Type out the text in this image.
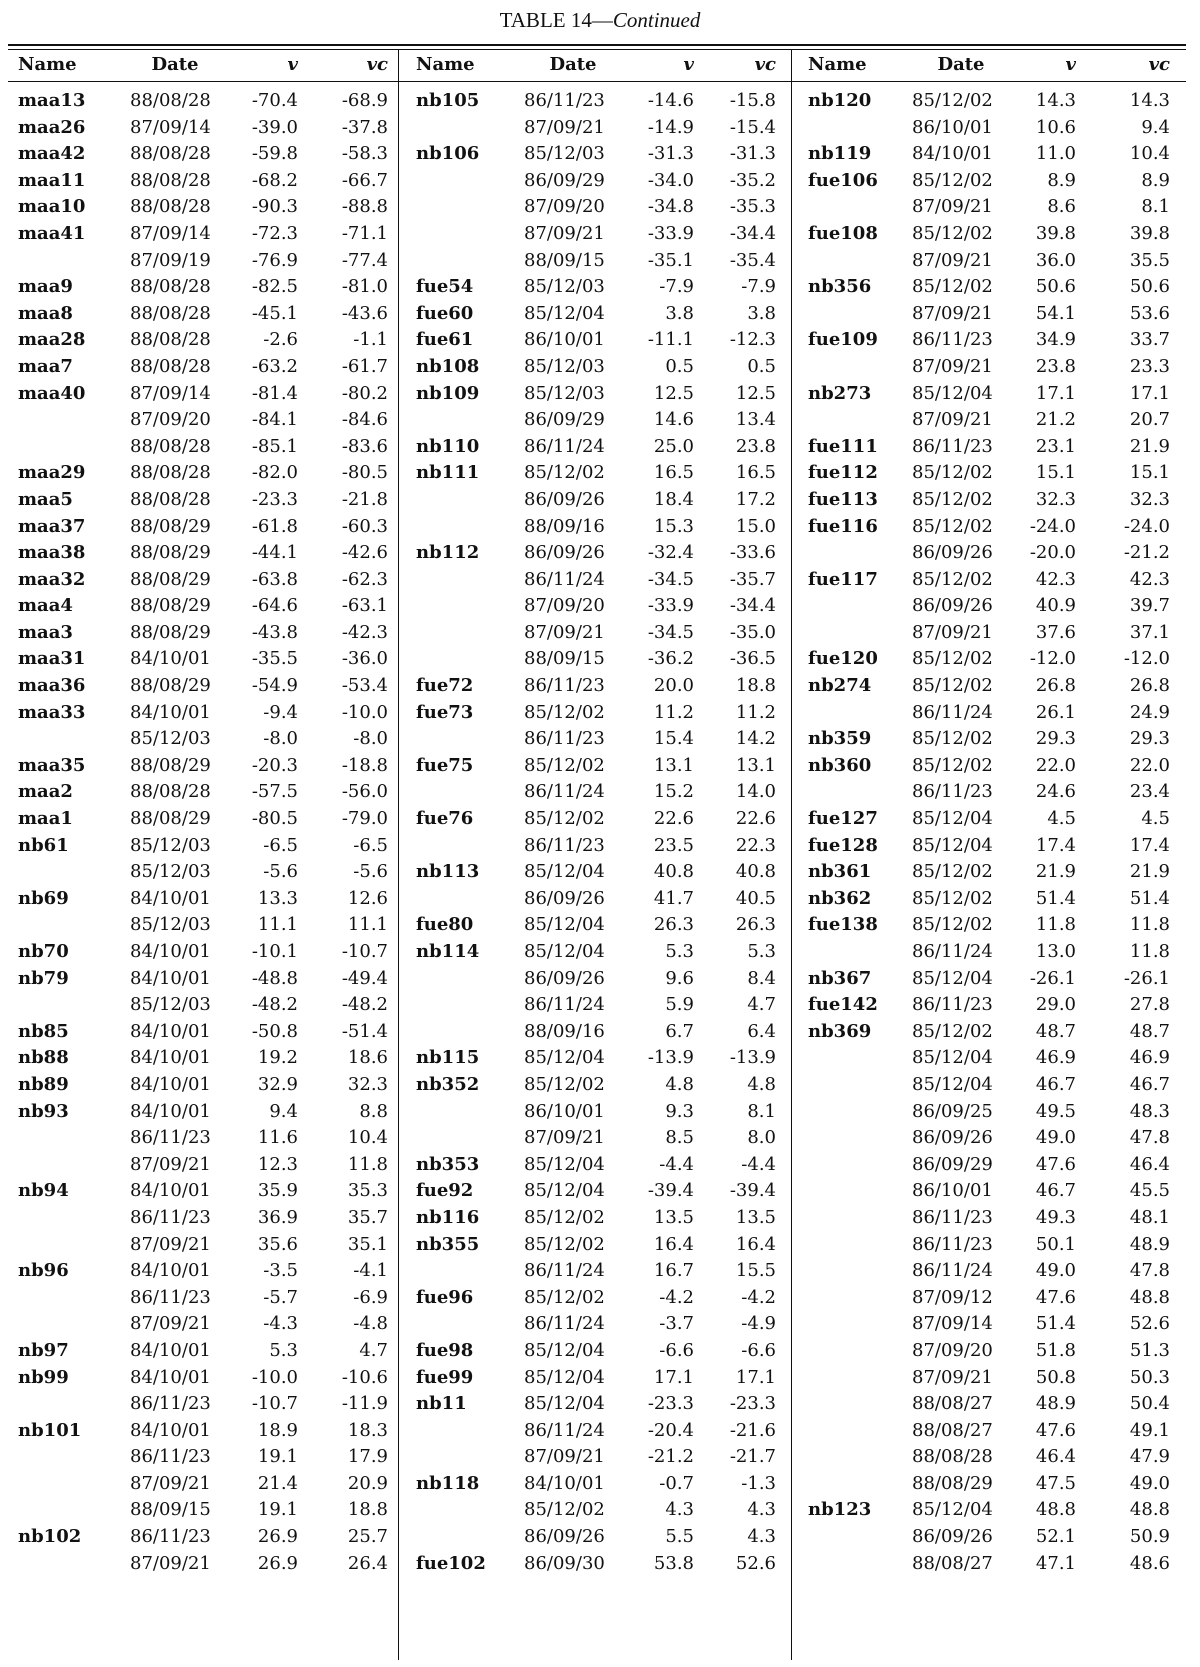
TABLE 14—Continued
Name	Date	v	vc Name	Date	v	vc Name	Date	v	vc
maa13	88/08/28	-70.4	-68.9
maa26	87/09/14	-39.0	-37.8
maa42	88/08/28	-59.8	-58.3
maa11	88/08/28	-68.2	-66.7
maa10	88/08/28	-90.3	-88.8
maa41	87/09/14	-72.3	-71.1
87/09/19	-76.9	-77.4
maa9	88/08/28	-82.5	-81.0
maa8	88/08/28	-45.1	-43.6
maa28	88/08/28	-2.6	-1.1
maa7	88/08/28	-63.2	-61.7
maa40	87/09/14	-81.4	-80.2
87/09/20	-84.1	-84.6
88/08/28	-85.1	-83.6
maa29	88/08/28	-82.0	-80.5
maa5	88/08/28	-23.3	-21.8
maa37	88/08/29	-61.8	-60.3
maa38	88/08/29	-44.1	-42.6
maa32	88/08/29	-63.8	-62.3
maa4	88/08/29	-64.6	-63.1
maa3	88/08/29	-43.8	-42.3
maa31	84/10/01	-35.5	-36.0
maa36	88/08/29	-54.9	-53.4
maa33	84/10/01	-9.4	-10.0
85/12/03	-8.0	-8.0
maa35	88/08/29	-20.3	-18.8
maa2	88/08/28	-57.5	-56.0
maa1	88/08/29	-80.5	-79.0
nb61	85/12/03	-6.5	-6.5
85/12/03	-5.6	-5.6
nb69	84/10/01	13.3	12.6
85/12/03	11.1	11.1
nb70	84/10/01	-10.1	-10.7
nb79	84/10/01	-48.8	-49.4
85/12/03	-48.2	-48.2
nb85	84/10/01	-50.8	-51.4
nb88	84/10/01	19.2	18.6
nb89	84/10/01	32.9	32.3
nb93	84/10/01	9.4	8.8
86/11/23	11.6	10.4
87/09/21	12.3	11.8
nb94	84/10/01	35.9	35.3
86/11/23	36.9	35.7
87/09/21	35.6	35.1
nb96	84/10/01	-3.5	-4.1
86/11/23	-5.7	-6.9
87/09/21	-4.3	-4.8
nb97	84/10/01	5.3	4.7
nb99	84/10/01	-10.0	-10.6
86/11/23	-10.7	-11.9
nb101	84/10/01	18.9	18.3
86/11/23	19.1	17.9
87/09/21	21.4	20.9
88/09/15	19.1	18.8
nb102	86/11/23	26.9	25.7
87/09/21	26.9	26.4
nb105	86/11/23	-14.6	-15.8
87/09/21	-14.9	-15.4
nb106	85/12/03	-31.3	-31.3
86/09/29	-34.0	-35.2
87/09/20	-34.8	-35.3
87/09/21	-33.9	-34.4
88/09/15	-35.1	-35.4
fue54	85/12/03	-7.9	-7.9
fue60	85/12/04	3.8	3.8
fue61	86/10/01	-11.1	-12.3
nb108	85/12/03	0.5	0.5
nb109	85/12/03	12.5	12.5
86/09/29	14.6	13.4
nb110	86/11/24	25.0	23.8
nb111	85/12/02	16.5	16.5
86/09/26	18.4	17.2
88/09/16	15.3	15.0
nb112	86/09/26	-32.4	-33.6
86/11/24	-34.5	-35.7
87/09/20	-33.9	-34.4
87/09/21	-34.5	-35.0
88/09/15	-36.2	-36.5
fue72	86/11/23	20.0	18.8
fue73	85/12/02	11.2	11.2
86/11/23	15.4	14.2
fue75	85/12/02	13.1	13.1
86/11/24	15.2	14.0
fue76	85/12/02	22.6	22.6
86/11/23	23.5	22.3
nb113	85/12/04	40.8	40.8
86/09/26	41.7	40.5
fue80	85/12/04	26.3	26.3
nb114	85/12/04	5.3	5.3
86/09/26	9.6	8.4
86/11/24	5.9	4.7
88/09/16	6.7	6.4
nb115	85/12/04	-13.9	-13.9
nb352	85/12/02	4.8	4.8
86/10/01	9.3	8.1
87/09/21	8.5	8.0
nb353	85/12/04	-4.4	-4.4
fue92	85/12/04	-39.4	-39.4
nb116	85/12/02	13.5	13.5
nb355	85/12/02	16.4	16.4
86/11/24	16.7	15.5
fue96	85/12/02	-4.2	-4.2
86/11/24	-3.7	-4.9
fue98	85/12/04	-6.6	-6.6
fue99	85/12/04	17.1	17.1
nb11	85/12/04	-23.3	-23.3
86/11/24	-20.4	-21.6
87/09/21	-21.2	-21.7
nb118	84/10/01	-0.7	-1.3
85/12/02	4.3	4.3
86/09/26	5.5	4.3
fue102	86/09/30	53.8	52.6
nb120	85/12/02	14.3	14.3
86/10/01	10.6	9.4
nb119	84/10/01	11.0	10.4
fue106	85/12/02	8.9	8.9
87/09/21	8.6	8.1
fue108	85/12/02	39.8	39.8
87/09/21	36.0	35.5
nb356	85/12/02	50.6	50.6
87/09/21	54.1	53.6
fue109	86/11/23	34.9	33.7
87/09/21	23.8	23.3
nb273	85/12/04	17.1	17.1
87/09/21	21.2	20.7
fue111	86/11/23	23.1	21.9
fue112	85/12/02	15.1	15.1
fue113	85/12/02	32.3	32.3
fue116	85/12/02	-24.0	-24.0
86/09/26	-20.0	-21.2
fue117	85/12/02	42.3	42.3
86/09/26	40.9	39.7
87/09/21	37.6	37.1
fue120	85/12/02	-12.0	-12.0
nb274	85/12/02	26.8	26.8
86/11/24	26.1	24.9
nb359	85/12/02	29.3	29.3
nb360	85/12/02	22.0	22.0
86/11/23	24.6	23.4
fue127	85/12/04	4.5	4.5
fue128	85/12/04	17.4	17.4
nb361	85/12/02	21.9	21.9
nb362	85/12/02	51.4	51.4
fue138	85/12/02	11.8	11.8
86/11/24	13.0	11.8
nb367	85/12/04	-26.1	-26.1
fue142	86/11/23	29.0	27.8
nb369	85/12/02	48.7	48.7
85/12/04	46.9	46.9
85/12/04	46.7	46.7
86/09/25	49.5	48.3
86/09/26	49.0	47.8
86/09/29	47.6	46.4
86/10/01	46.7	45.5
86/11/23	49.3	48.1
86/11/23	50.1	48.9
86/11/24	49.0	47.8
87/09/12	47.6	48.8
87/09/14	51.4	52.6
87/09/20	51.8	51.3
87/09/21	50.8	50.3
88/08/27	48.9	50.4
88/08/27	47.6	49.1
88/08/28	46.4	47.9
88/08/29	47.5	49.0
nb123	85/12/04	48.8	48.8
86/09/26	52.1	50.9
88/08/27	47.1	48.6
